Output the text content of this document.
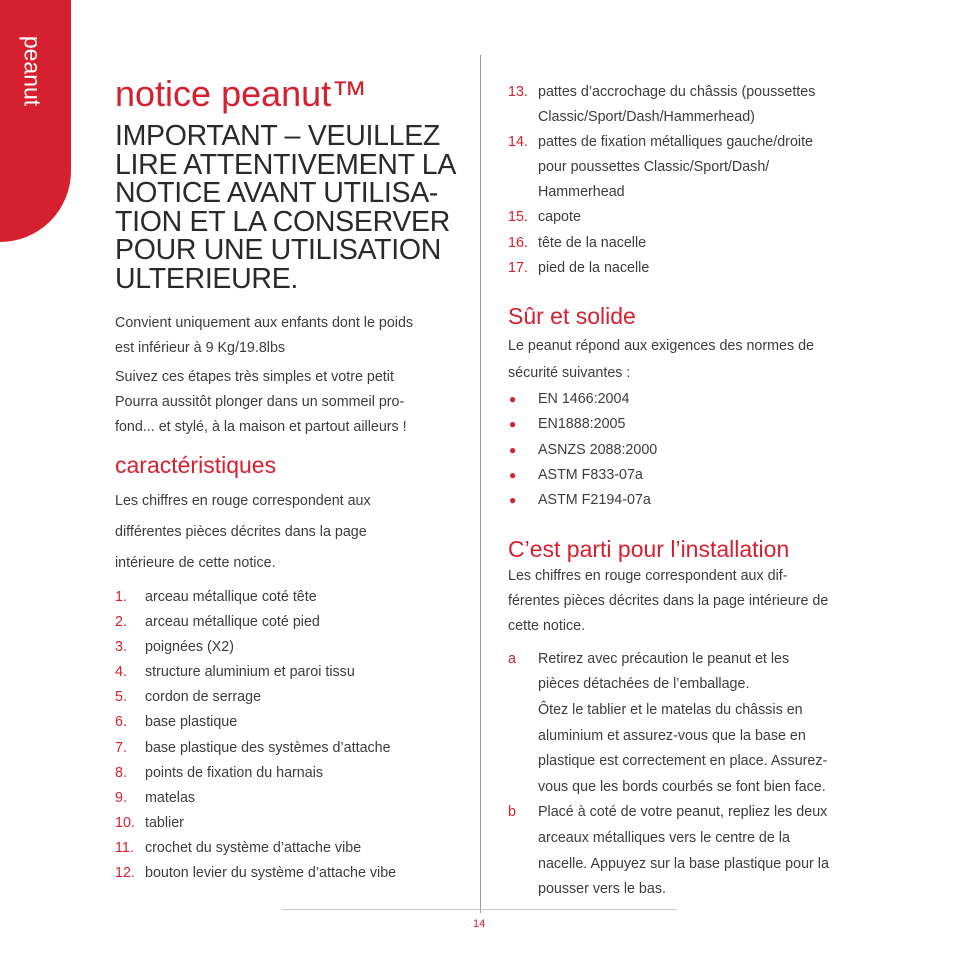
peanut notice peanut™
IMPORTANT – VEUILLEZ
LIRE ATTENTIVEMENT LA
NOTICE AVANT UTILISA-
TION ET LA CONSERVER
POUR UNE UTILISATION
ULTERIEURE.
Convient uniquement aux enfants dont le poids
est inférieur à 9 Kg/19.8lbs
Suivez ces étapes très simples et votre petit
Pourra aussitôt plonger dans un sommeil pro-
fond... et stylé, à la maison et partout ailleurs !
caractéristiques
Les chiffres en rouge correspondent aux
différentes pièces décrites dans la page
intérieure de cette notice.
1. arceau métallique coté tête
2. arceau métallique coté pied
3. poignées (X2)
4. structure aluminium et paroi tissu
5. cordon de serrage
6. base plastique
7. base plastique des systèmes d’attache
8. points de fixation du harnais
9. matelas
10. tablier
11. crochet du système d’attache vibe
12. bouton levier du système d’attache vibe
13. pattes d’accrochage du châssis (poussettes
Classic/Sport/Dash/Hammerhead)
14. pattes de fixation métalliques gauche/droite
pour poussettes Classic/Sport/Dash/
Hammerhead
15. capote
16. tête de la nacelle
17. pied de la nacelle
Sûr et solide
Le peanut répond aux exigences des normes de
sécurité suivantes :
● EN 1466:2004
● EN1888:2005
● ASNZS 2088:2000
● ASTM F833-07a
● ASTM F2194-07a
C’est parti pour l’installation
Les chiffres en rouge correspondent aux dif-
férentes pièces décrites dans la page intérieure de
cette notice.
a Retirez avec précaution le peanut et les
pièces détachées de l’emballage.
Ôtez le tablier et le matelas du châssis en
aluminium et assurez-vous que la base en
plastique est correctement en place. Assurez-
vous que les bords courbés se font bien face.
b Placé à coté de votre peanut, repliez les deux
arceaux métalliques vers le centre de la
nacelle. Appuyez sur la base plastique pour la
pousser vers le bas.
14
